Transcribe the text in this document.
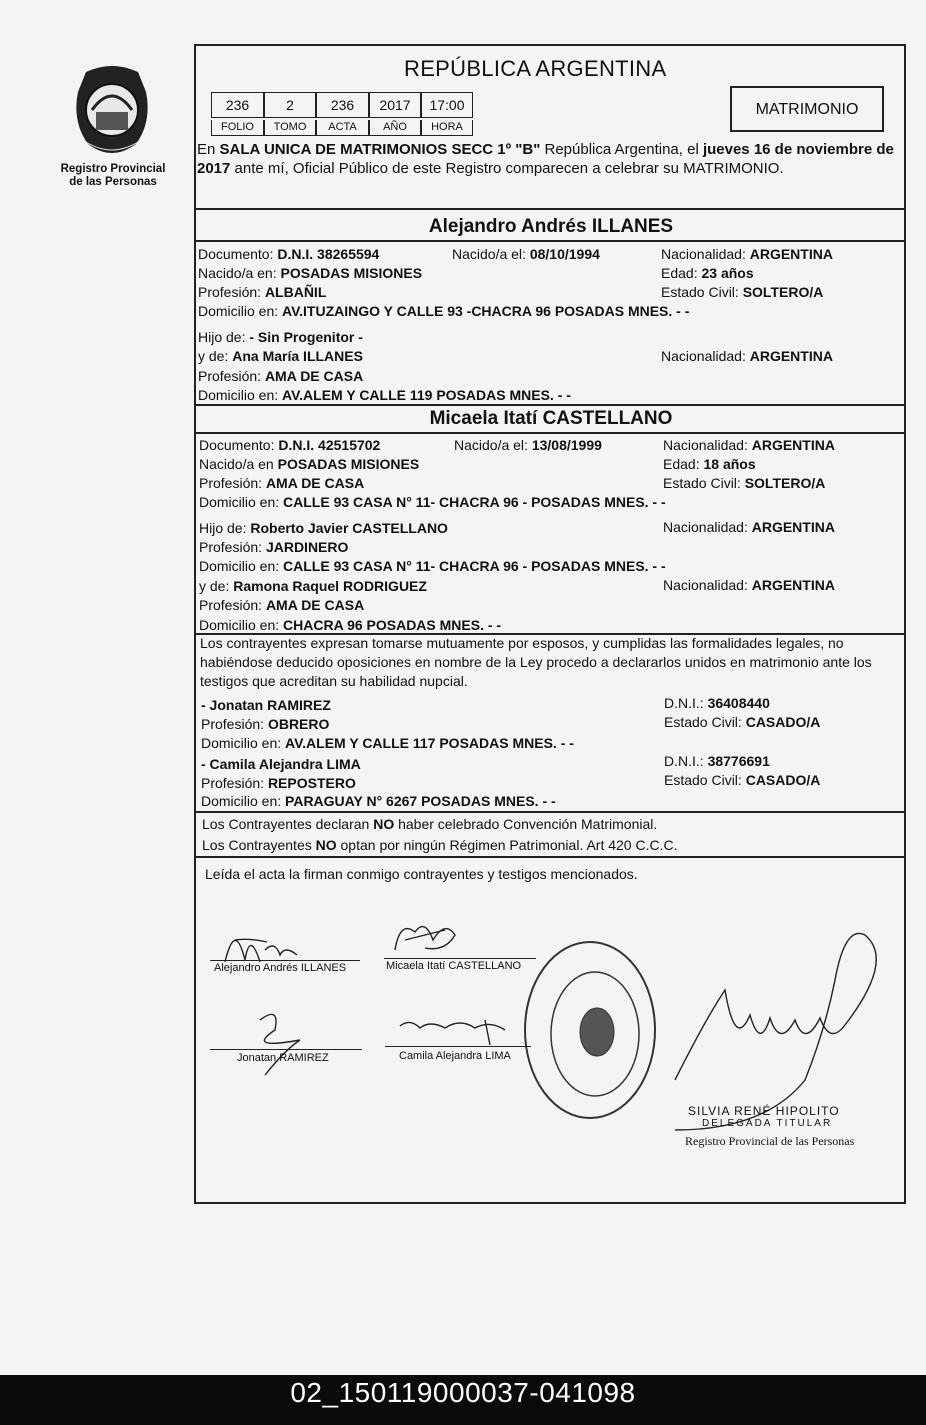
Registro Provincial
de las Personas
REPÚBLICA ARGENTINA
236	2	236	2017	17:00
FOLIO	TOMO	ACTA	AÑO	HORA
MATRIMONIO
En SALA UNICA DE MATRIMONIOS SECC 1º "B" República Argentina, el jueves 16 de noviembre de 2017 ante mí, Oficial Público de este Registro comparecen a celebrar su MATRIMONIO.
Alejandro Andrés ILLANES
Documento: D.N.I. 38265594	Nacido/a el: 08/10/1994	Nacionalidad: ARGENTINA
Nacido/a en: POSADAS MISIONES	Edad: 23 años
Profesión: ALBAÑIL	Estado Civil: SOLTERO/A
Domicilio en: AV.ITUZAINGO Y CALLE 93 -CHACRA 96 POSADAS MNES. - -
Hijo de: - Sin Progenitor -
y de: Ana María ILLANES	Nacionalidad: ARGENTINA
Profesión: AMA DE CASA
Domicilio en: AV.ALEM Y CALLE 119 POSADAS MNES. - -
Micaela Itatí CASTELLANO
Documento: D.N.I. 42515702	Nacido/a el: 13/08/1999	Nacionalidad: ARGENTINA
Nacido/a en POSADAS MISIONES	Edad: 18 años
Profesión: AMA DE CASA	Estado Civil: SOLTERO/A
Domicilio en: CALLE 93 CASA N° 11- CHACRA 96 - POSADAS MNES. - -
Hijo de: Roberto Javier CASTELLANO	Nacionalidad: ARGENTINA
Profesión: JARDINERO
Domicilio en: CALLE 93 CASA N° 11- CHACRA 96 - POSADAS MNES. - -
y de: Ramona Raquel RODRIGUEZ	Nacionalidad: ARGENTINA
Profesión: AMA DE CASA
Domicilio en: CHACRA 96 POSADAS MNES. - -
Los contrayentes expresan tomarse mutuamente por esposos, y cumplidas las formalidades legales, no habiéndose deducido oposiciones en nombre de la Ley procedo a declararlos unidos en matrimonio ante los testigos que acreditan su habilidad nupcial.
- Jonatan RAMIREZ	D.N.I.: 36408440
Profesión: OBRERO	Estado Civil: CASADO/A
Domicilio en: AV.ALEM Y CALLE 117 POSADAS MNES. - -
- Camila Alejandra LIMA	D.N.I.: 38776691
Profesión: REPOSTERO	Estado Civil: CASADO/A
Domicilio en: PARAGUAY N° 6267 POSADAS MNES. - -
Los Contrayentes declaran NO haber celebrado Convención Matrimonial.
Los Contrayentes NO optan por ningún Régimen Patrimonial. Art 420 C.C.C.
Leída el acta la firman conmigo contrayentes y testigos mencionados.
Alejandro Andrés ILLANES	Micaela Itatí CASTELLANO
Jonatan RAMIREZ	Camila Alejandra LIMA
SILVIA RENÉ HIPOLITO
DELEGADA TITULAR
Registro Provincial de las Personas
02_150119000037-041098
